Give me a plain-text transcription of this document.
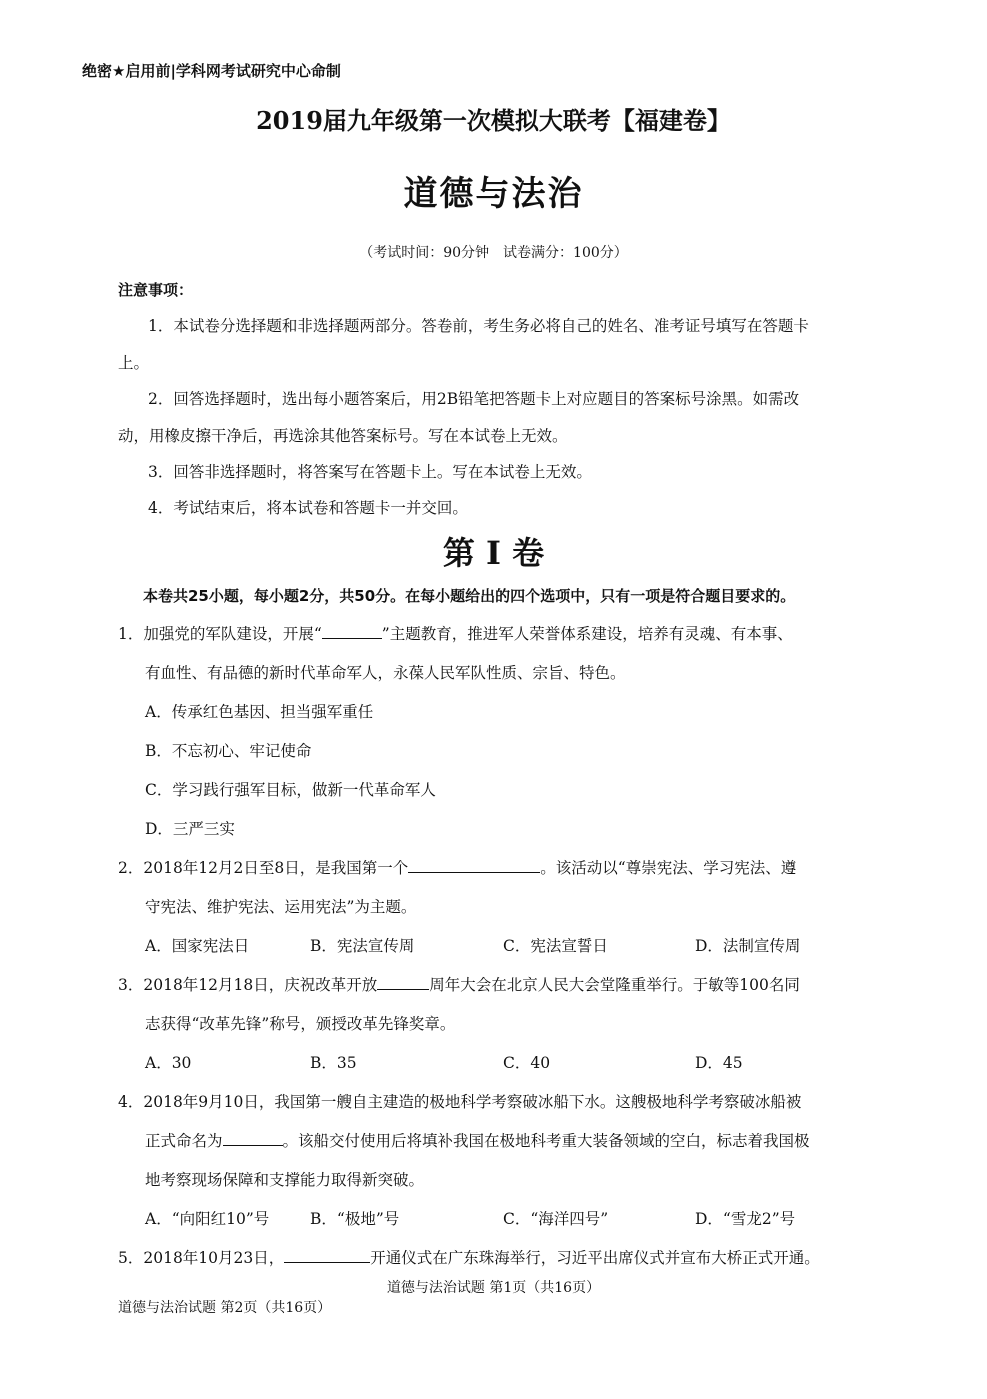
绝密★启用前|学科网考试研究中心命制
2019届九年级第一次模拟大联考【福建卷】
道德与法治
（考试时间：90分钟　试卷满分：100分）
注意事项：
1．本试卷分选择题和非选择题两部分。答卷前，考生务必将自己的姓名、准考证号填写在答题卡
上。
2．回答选择题时，选出每小题答案后，用2B铅笔把答题卡上对应题目的答案标号涂黑。如需改
动，用橡皮擦干净后，再选涂其他答案标号。写在本试卷上无效。
3．回答非选择题时，将答案写在答题卡上。写在本试卷上无效。
4．考试结束后，将本试卷和答题卡一并交回。
第 I 卷
本卷共25小题，每小题2分，共50分。在每小题给出的四个选项中，只有一项是符合题目要求的。
1．加强党的军队建设，开展“	”主题教育，推进军人荣誉体系建设，培养有灵魂、有本事、
有血性、有品德的新时代革命军人，永葆人民军队性质、宗旨、特色。
A．传承红色基因、担当强军重任
B．不忘初心、牢记使命
C．学习践行强军目标，做新一代革命军人
D．三严三实
2．2018年12月2日至8日，是我国第一个	。该活动以“尊崇宪法、学习宪法、遵
守宪法、维护宪法、运用宪法”为主题。
A．国家宪法日	B．宪法宣传周	C．宪法宣誓日	D．法制宣传周
3．2018年12月18日，庆祝改革开放	周年大会在北京人民大会堂隆重举行。于敏等100名同
志获得“改革先锋”称号，颁授改革先锋奖章。
A．30	B．35	C．40	D．45
4．2018年9月10日，我国第一艘自主建造的极地科学考察破冰船下水。这艘极地科学考察破冰船被
正式命名为	。该船交付使用后将填补我国在极地科考重大装备领域的空白，标志着我国极
地考察现场保障和支撑能力取得新突破。
A．“向阳红10”号	B．“极地”号	C．“海洋四号”	D．“雪龙2”号
5．2018年10月23日，	开通仪式在广东珠海举行，习近平出席仪式并宣布大桥正式开通。
道德与法治试题 第1页（共16页）
道德与法治试题 第2页（共16页）
